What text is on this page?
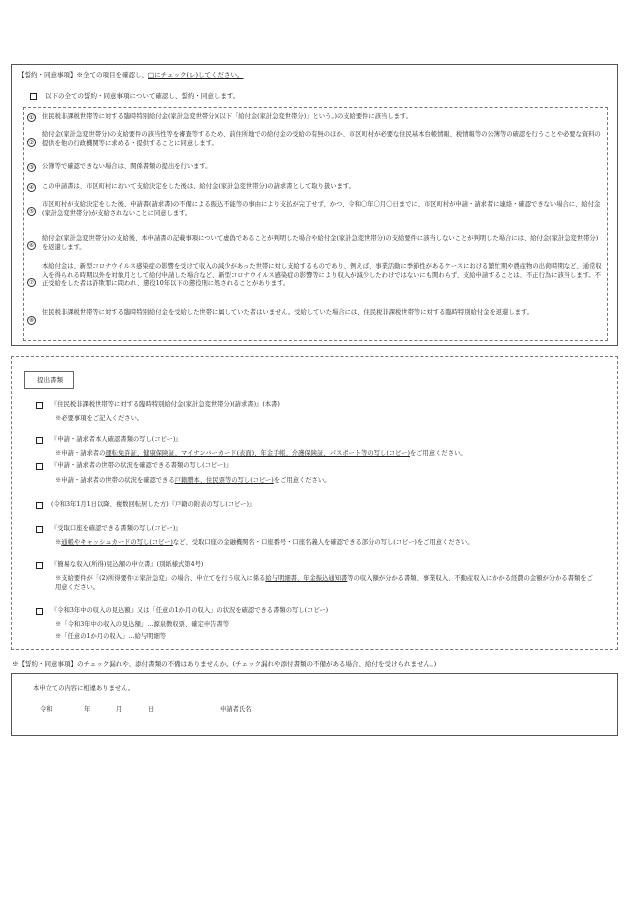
【誓約・同意事項】※全ての項目を確認し、□にチェック(レ)してください。
以下の全ての誓約・同意事項について確認し、誓約・同意します。
①	住民税非課税世帯等に対する臨時特別給付金(家計急変世帯分)(以下「給付金(家計急変世帯分)」という。)の支給要件に該当します。
②
給付金(家計急変世帯分)の支給要件の該当性等を審査等するため、前住所地での給付金の受給の有無のほか、市区町村が必要な住民基本台帳情報、税情報等の公簿等の確認を行うことや必要な資料の提供を他の行政機関等に求める・提供することに同意します。
③	公簿等で確認できない場合は、関係書類の提出を行います。
④	この申請書は、市区町村において支給決定をした後は、給付金(家計急変世帯分)の請求書として取り扱います。
⑤
市区町村が支給決定をした後、申請書(請求書)の不備による振込不能等の事由により支払が完了せず、かつ、令和〇年〇月〇日までに、市区町村が申請・請求者に連絡・確認できない場合に、給付金(家計急変世帯分)が支給されないことに同意します。
⑥
給付金(家計急変世帯分)の支給後、本申請書の記載事項について虚偽であることが判明した場合や給付金(家計急変世帯分)の支給要件に該当しないことが判明した場合には、給付金(家計急変世帯分)を返還します。
⑦
本給付金は、新型コロナウイルス感染症の影響を受けて収入の減少があった世帯に対し支給するものであり、例えば、事業活動に季節性があるケースにおける繁忙期や農産物の出荷時期など、通常収入を得られる時期以外を対象月として給付申請した場合など、新型コロナウイルス感染症の影響等により収入が減少したわけではないにも関わらず、支給申請することは、不正行為に該当します。不正受給をした者は詐欺罪に問われ、懲役10年以下の懲役刑に処されることがあります。
⑧
住民税非課税世帯等に対する臨時特別給付金を受給した世帯に属していた者はいません。受給していた場合には、住民税非課税世帯等に対する臨時特別給付金を返還します。
提出書類
『住民税非課税世帯等に対する臨時特別給付金(家計急変世帯分)(請求書)』(本書)
※必要事項をご記入ください。
『申請・請求者本人確認書類の写し(コピー)』
※申請・請求者の運転免許証、健康保険証、マイナンバーカード(表面)、年金手帳、介護保険証、パスポート等の写し(コピー)をご用意ください。
『申請・請求者の世帯の状況を確認できる書類の写し(コピー)』
※申請・請求者の世帯の状況を確認できる戸籍謄本、住民票等の写し(コピー)をご用意ください。
(令和3年1月1日以降、複数回転居した方)『戸籍の附表の写し(コピー)』
『受取口座を確認できる書類の写し(コピー)』
※通帳やキャッシュカードの写し(コピー)など、受取口座の金融機関名・口座番号・口座名義人を確認できる部分の写し(コピー)をご用意ください。
『簡易な収入(所得)見込額の申立書』(別紙様式第4号)
※支給要件が「(2)所得要件②家計急変」の場合、申立てを行う収入に係る給与明細書、年金振込通知書等の収入額が分かる書類、事業収入、不動産収入にかかる経費の金額が分かる書類をご用意ください。
『令和3年中の収入の見込額』又は「任意の1か月の収入」の状況を確認できる書類の写し(コピー)
※「令和3年中の収入の見込額」…源泉徴収票、確定申告書等
※「任意の1か月の収入」…給与明細等
※【誓約・同意事項】のチェック漏れや、添付書類の不備はありませんか。(チェック漏れや添付書類の不備がある場合、給付を受けられません。)
本申立ての内容に相違ありません。
令和	年	月	日	申請者氏名
